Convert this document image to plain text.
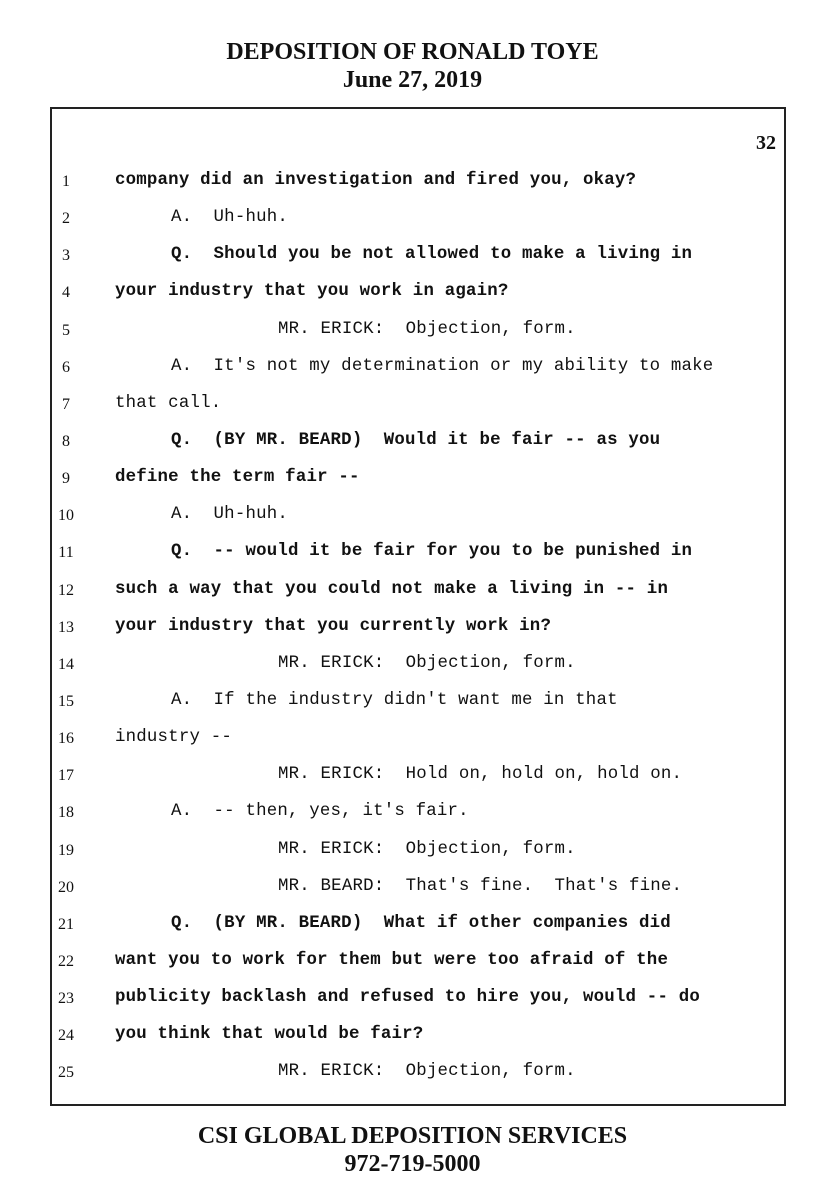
DEPOSITION OF RONALD TOYE
June 27, 2019
32
1	company did an investigation and fired you, okay?
2	A.  Uh-huh.
3	Q.  Should you be not allowed to make a living in
4	your industry that you work in again?
5	MR. ERICK:  Objection, form.
6	A.  It's not my determination or my ability to make
7	that call.
8	Q.  (BY MR. BEARD)  Would it be fair -- as you
9	define the term fair --
10	A.  Uh-huh.
11	Q.  -- would it be fair for you to be punished in
12	such a way that you could not make a living in -- in
13	your industry that you currently work in?
14	MR. ERICK:  Objection, form.
15	A.  If the industry didn't want me in that
16	industry --
17	MR. ERICK:  Hold on, hold on, hold on.
18	A.  -- then, yes, it's fair.
19	MR. ERICK:  Objection, form.
20	MR. BEARD:  That's fine.  That's fine.
21	Q.  (BY MR. BEARD)  What if other companies did
22	want you to work for them but were too afraid of the
23	publicity backlash and refused to hire you, would -- do
24	you think that would be fair?
25	MR. ERICK:  Objection, form.
CSI GLOBAL DEPOSITION SERVICES
972-719-5000
